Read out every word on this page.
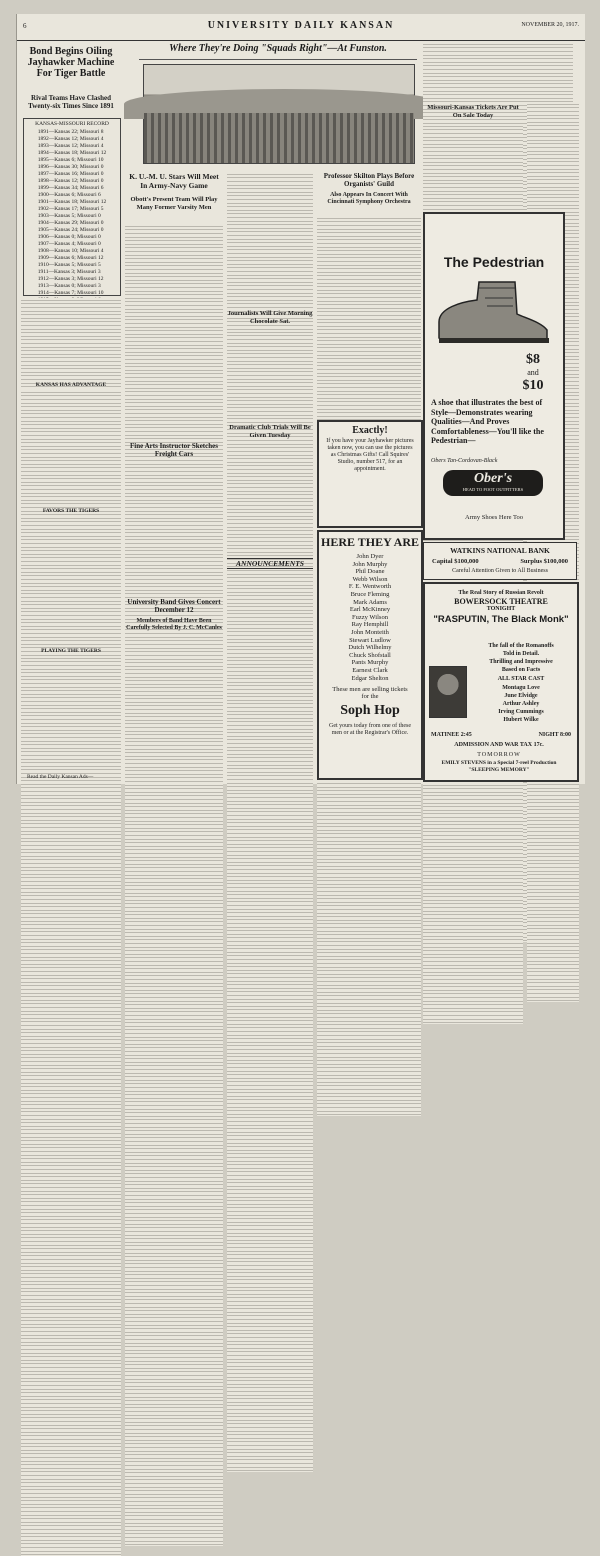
6	UNIVERSITY DAILY KANSAN	NOVEMBER 20, 1917.
Bond Begins Oiling Jayhawker Machine For Tiger Battle
Rival Teams Have Clashed Twenty-six Times Since 1891
KANSAS-MISSOURI RECORD
1891—Kansas 22; Missouri 8
1892—Kansas 12; Missouri 4
1893—Kansas 12; Missouri 4
1894—Kansas 18; Missouri 12
1895—Kansas 6; Missouri 10
1896—Kansas 30; Missouri 0
1897—Kansas 16; Missouri 0
1898—Kansas 12; Missouri 0
1899—Kansas 34; Missouri 6
1900—Kansas 6; Missouri 6
1901—Kansas 18; Missouri 12
1902—Kansas 17; Missouri 5
1903—Kansas 5; Missouri 0
1904—Kansas 29; Missouri 0
1905—Kansas 24; Missouri 0
1906—Kansas 0; Missouri 0
1907—Kansas 4; Missouri 0
1908—Kansas 10; Missouri 4
1909—Kansas 6; Missouri 12
1910—Kansas 5; Missouri 5
1911—Kansas 3; Missouri 3
1912—Kansas 3; Missouri 12
1913—Kansas 0; Missouri 3
1914—Kansas 7; Missouri 10
1915—Kansas 8; Missouri 6
1916—Kansas 0; Missouri 13
Total............. 308; 140
KANSAS HAS ADVANTAGE
FAVORS THE TIGERS
PLAYING THE TIGERS
Read the Daily Kansan Ads—
Where They're Doing "Squads Right"—At Funston.
K. U.-M. U. Stars Will Meet In Army-Navy Game
Obott's Present Team Will Play Many Former Varsity Men
Fine Arts Instructor Sketches Freight Cars
University Band Gives Concert December 12
Members of Band Have Been Carefully Selected By J. C. McCanles
Journalists Will Give Morning Chocolate Sat.
Dramatic Club Trials Will Be Given Tuesday
ANNOUNCEMENTS
Professor Skilton Plays Before Organists' Guild
Also Appears In Concert With Cincinnati Symphony Orchestra
Exactly!
If you have your Jayhawker pictures taken now, you can use the pictures as Christmas Gifts! Call Squires' Studio, number 517, for an appointment.
HERE THEY ARE
John Dyer
John Murphy
Phil Doane
Webb Wilson
F. E. Wentworth
Bruce Fleming
Mark Adams
Earl McKinney
Fuzzy Wilson
Ray Hemphill
John Monteith
Stewart Ludlow
Dutch Wilhelmy
Chuck Shofstall
Pants Murphy
Earnest Clark
Edgar Shelton
These men are selling tickets for the
Soph Hop
Get yours today from one of these men or at the Registrar's Office.
Missouri-Kansas Tickets Are Put On Sale Today
The Pedestrian
$8
and
$10
A shoe that illustrates the best of Style—Demonstrates wearing Qualities—And Proves Comfortableness—You'll like the Pedestrian—
Obers Tan-Cordovan-Black
Ober's
HEAD TO FOOT OUTFITTERS
Army Shoes Here Too
WATKINS NATIONAL BANK
Capital $100,000	Surplus $100,000
Careful Attention Given to All Business
The Real Story of Russian Revolt
BOWERSOCK THEATRE
TONIGHT
"RASPUTIN, The Black Monk"
The fall of the Romanoffs
Told in Detail.
Thrilling and Impressive
Based on Facts
ALL STAR CAST
Montagu Love
June Elvidge
Arthur Ashley
Irving Cummings
Hubert Wilke
MATINEE 2:45	NIGHT 8:00
ADMISSION AND WAR TAX 17c.
TOMORROW
EMILY STEVENS in a Special 7-reel Production "SLEEPING MEMORY"
